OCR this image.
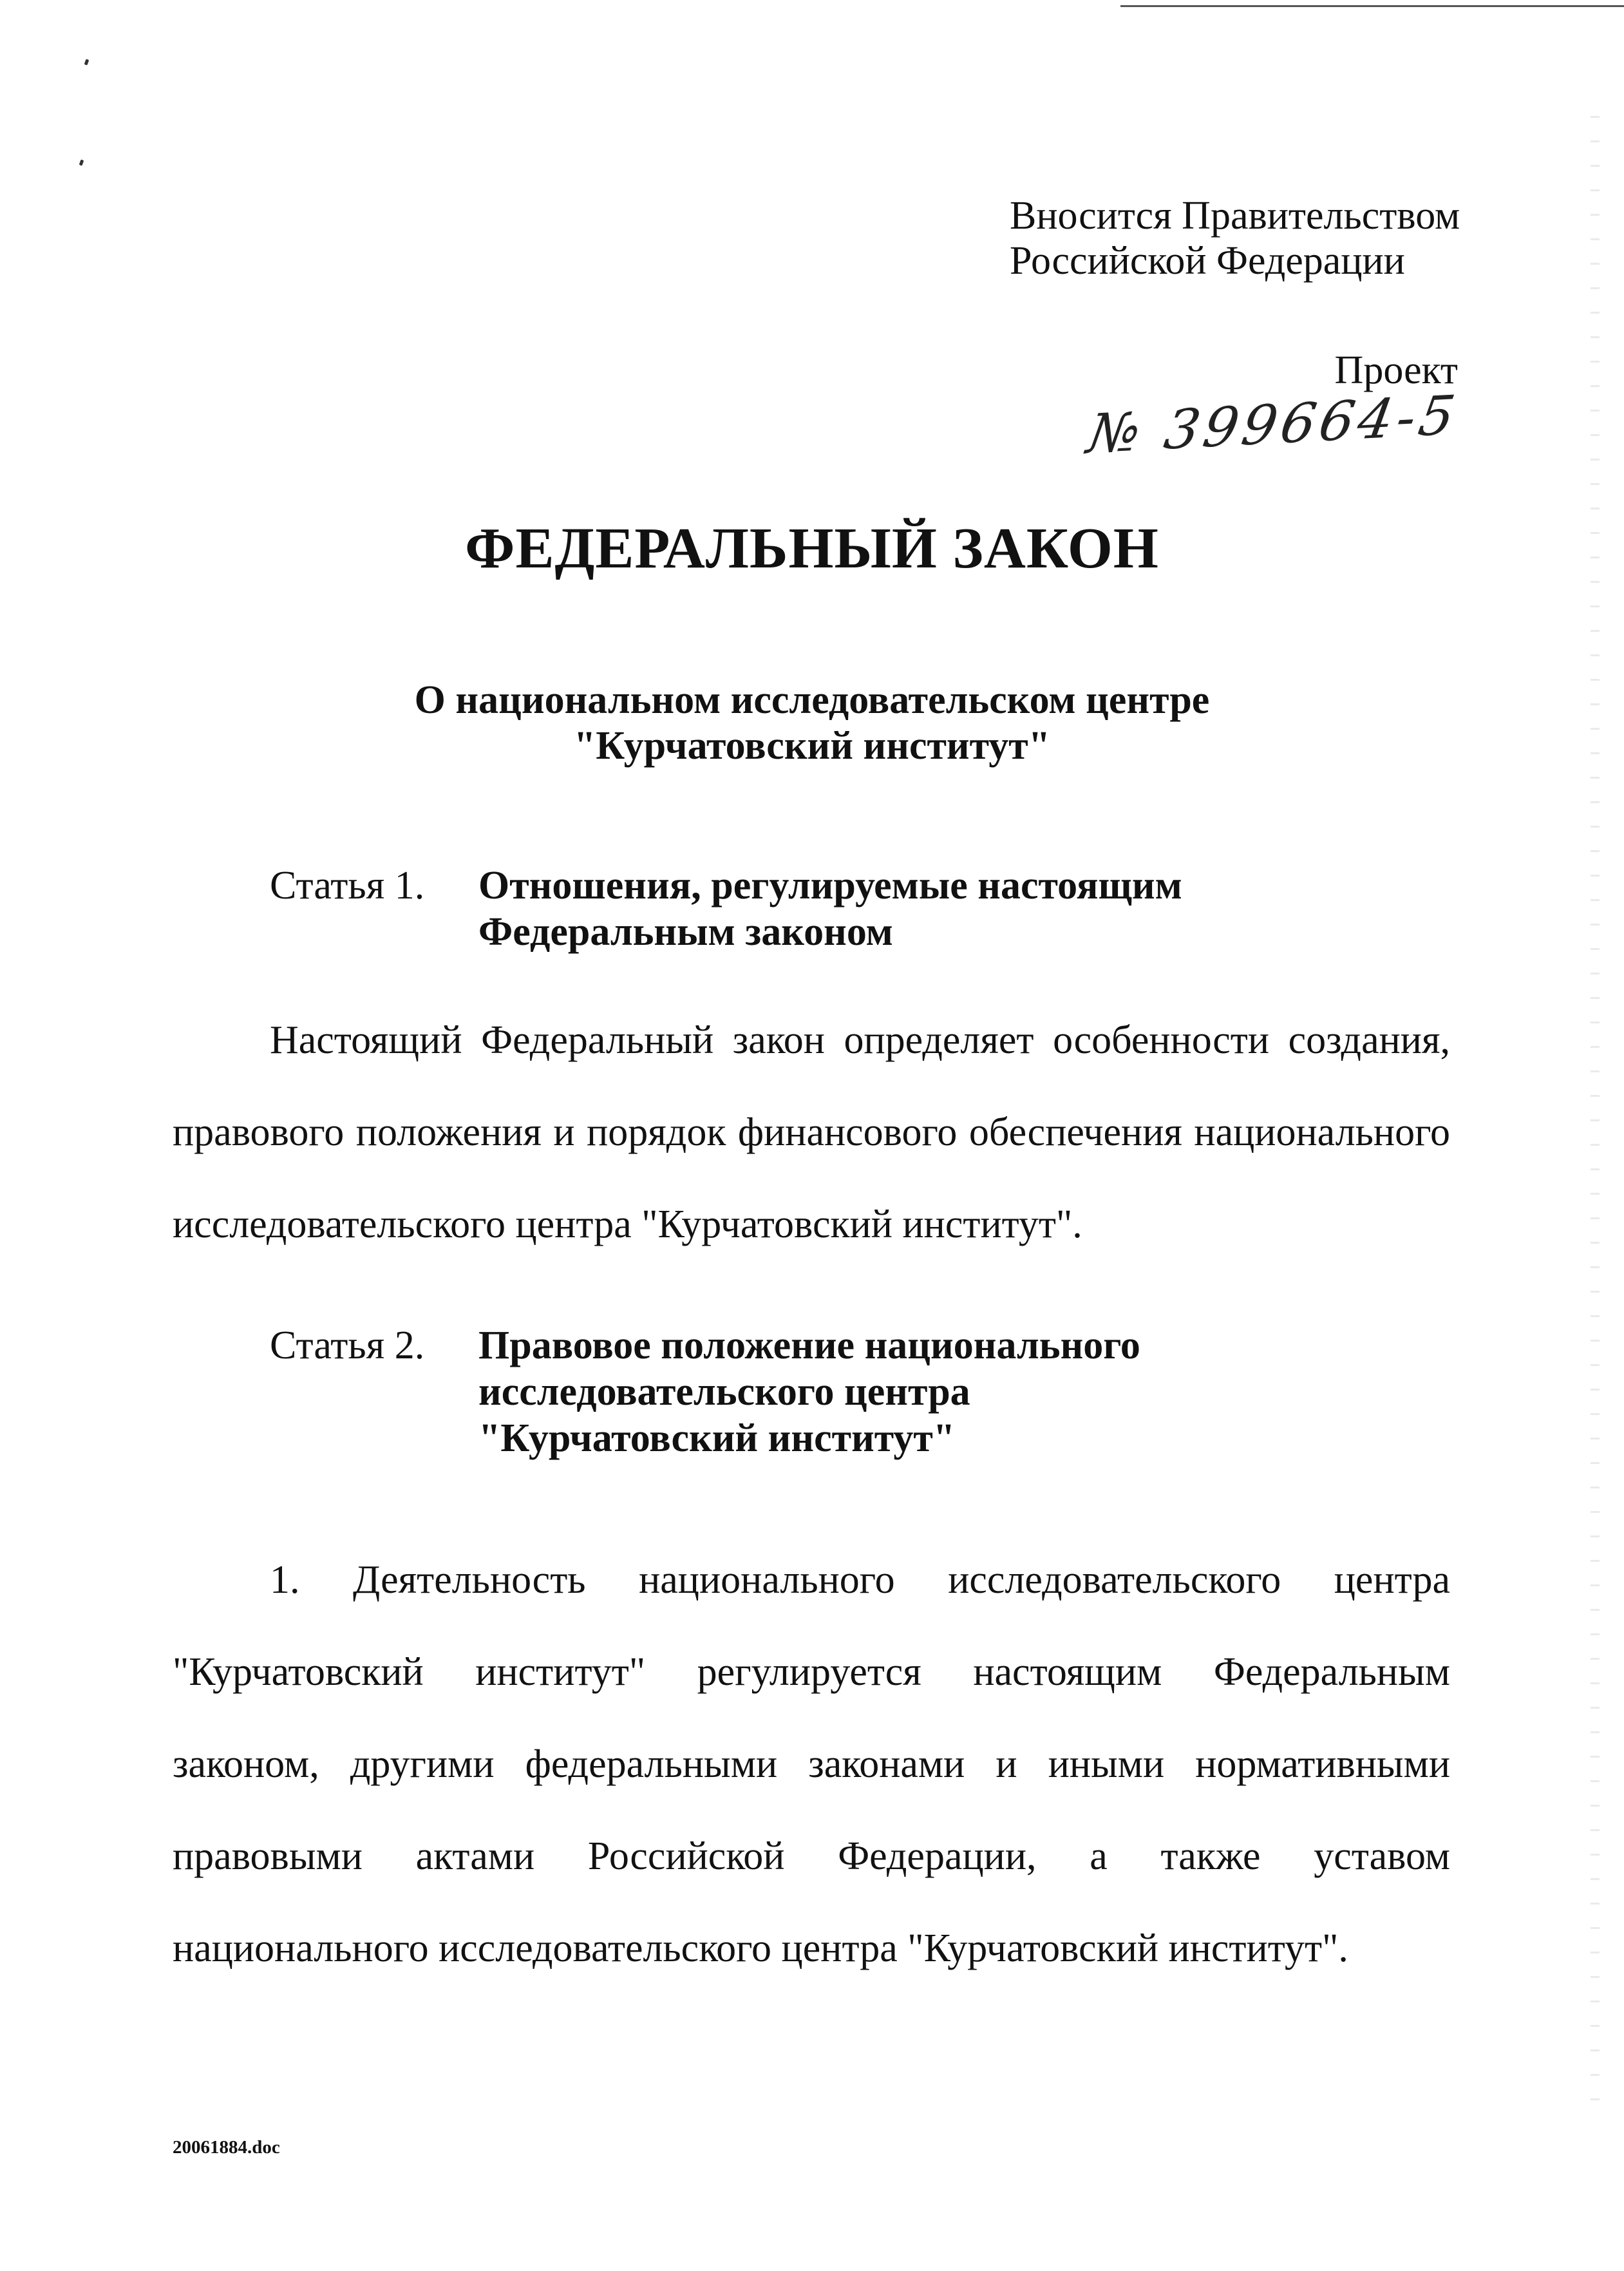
Вносится Правительством
Российской Федерации
Проект
№ 399664-5
ФЕДЕРАЛЬНЫЙ ЗАКОН
О национальном исследовательском центре
"Курчатовский институт"
Статья 1. Отношения, регулируемые настоящим
Федеральным законом
Настоящий Федеральный закон определяет особенности создания,
правового положения и порядок финансового обеспечения национального
исследовательского центра "Курчатовский институт".
Статья 2. Правовое положение национального
исследовательского центра
"Курчатовский институт"
1. Деятельность национального исследовательского центра
"Курчатовский институт" регулируется настоящим Федеральным
законом, другими федеральными законами и иными нормативными
правовыми актами Российской Федерации, а также уставом
национального исследовательского центра "Курчатовский институт".
20061884.doc
